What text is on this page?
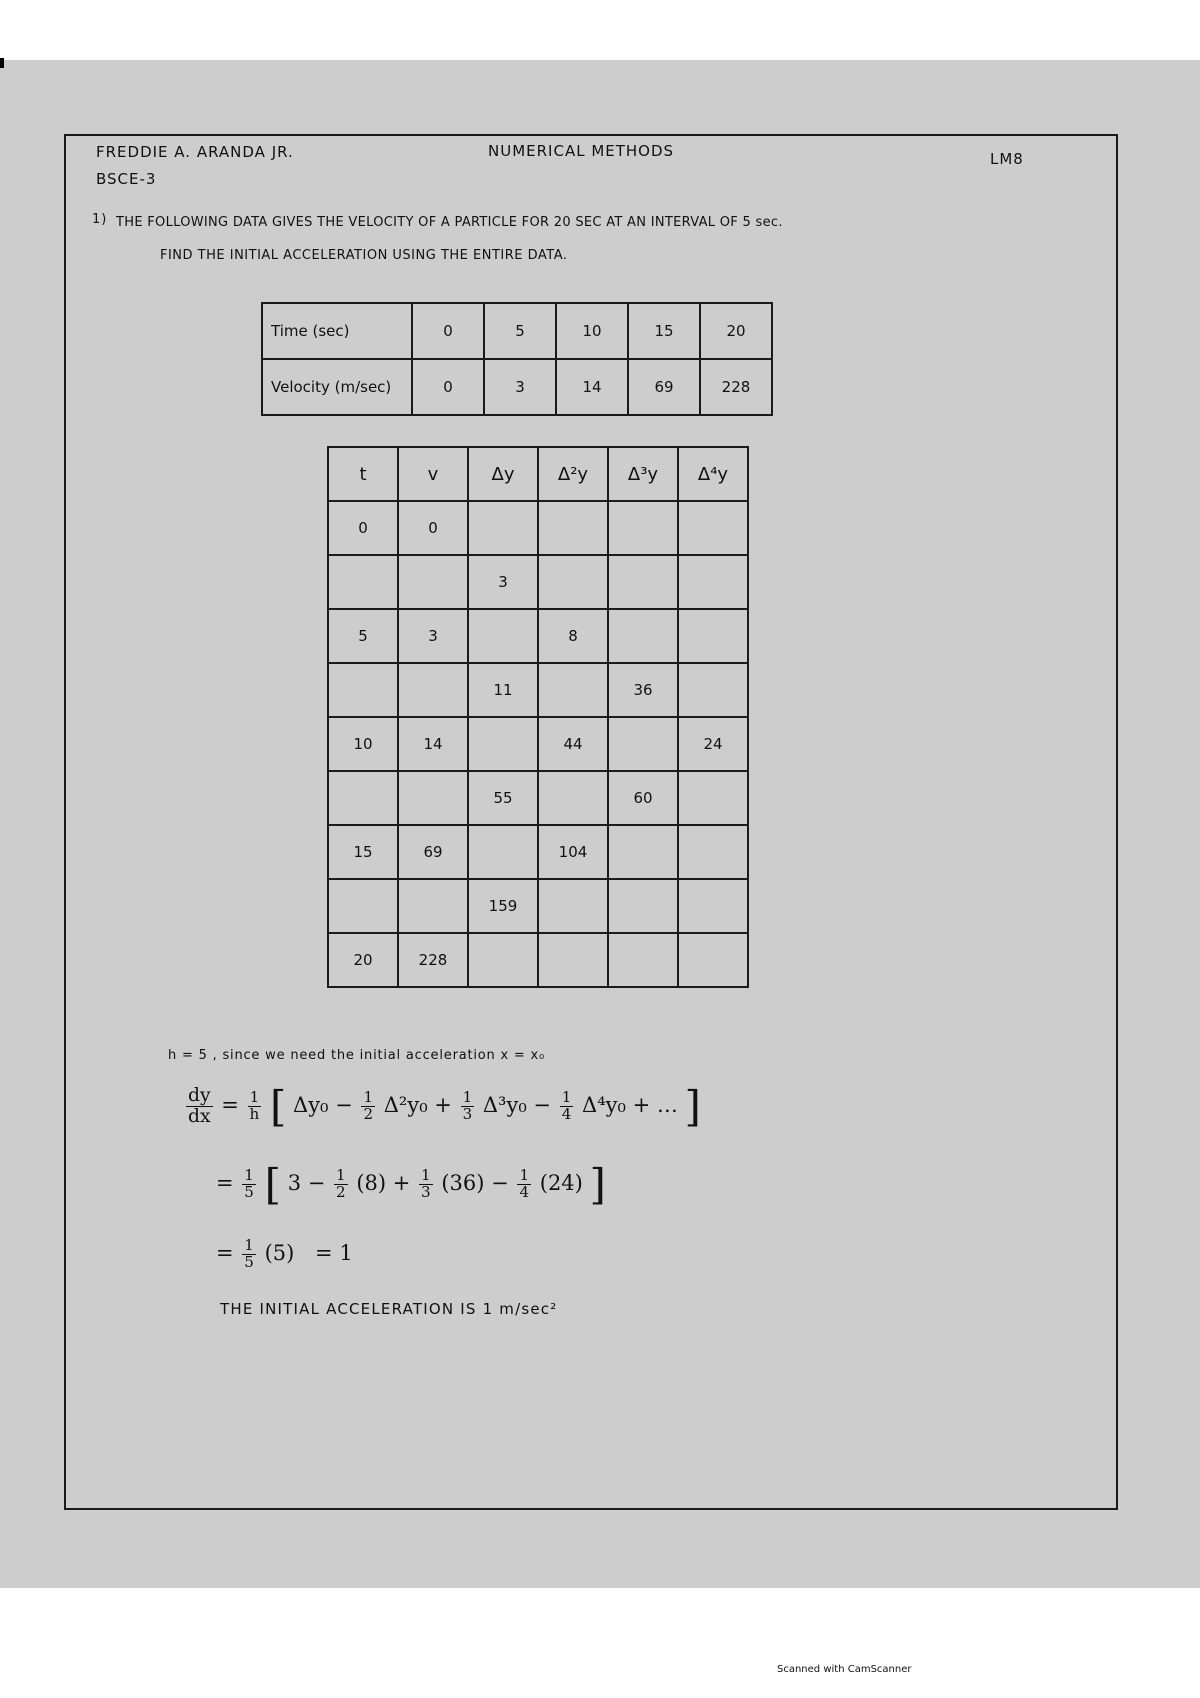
FREDDIE A. ARANDA JR.
BSCE-3
NUMERICAL METHODS	LM8
1) THE FOLLOWING DATA GIVES THE VELOCITY OF A PARTICLE FOR 20 SEC AT AN INTERVAL OF 5 sec.
FIND THE INITIAL ACCELERATION USING THE ENTIRE DATA.
Time (sec)	0	5	10	15	20
Velocity (m/sec)	0	3	14	69	228
t	v	Δy	Δ²y	Δ³y	Δ⁴y
0	0				
		3			
5	3		8		
		11		36	
10	14		44		24
		55		60	
15	69		104		
		159			
20	228				
h = 5 , since we need the initial acceleration x = x₀
$\frac{dy}{dx} = \frac{1}{h}$ [ $\Delta y_0 - \frac{1}{2} \Delta^2y_0 + \frac{1}{3} \Delta^3y_0 - \frac{1}{4} \Delta^4y_0$ + … ]
= $\frac{1}{5}$ [ $3 - \frac{1}{2} (8) + \frac{1}{3} (36) - \frac{1}{4} (24)$ ]
= $\frac{1}{5} (5) = 1$
THE INITIAL ACCELERATION IS 1 m/sec²
Scanned with CamScanner
